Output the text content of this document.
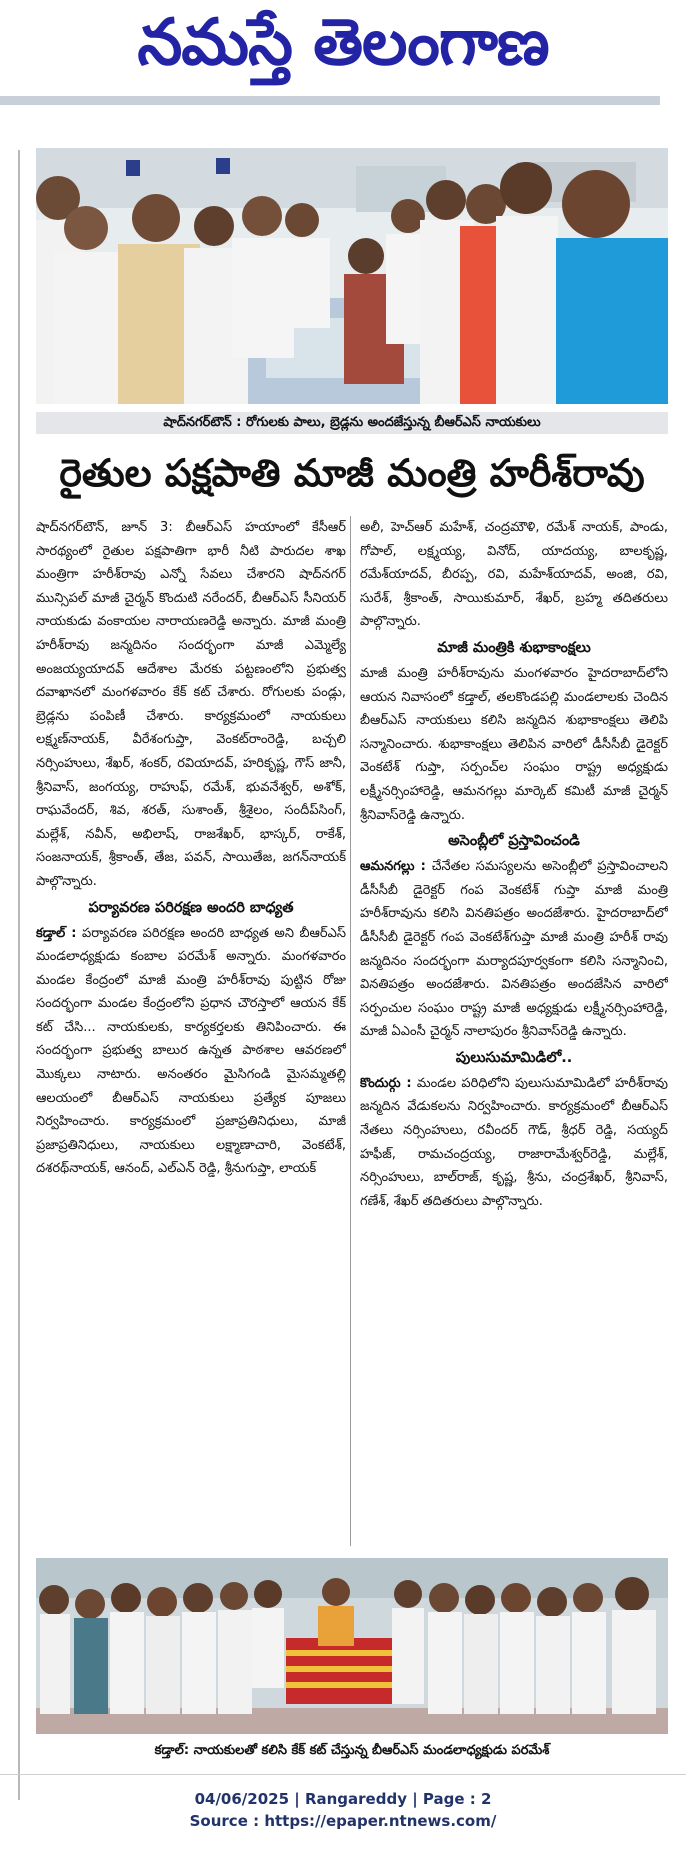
నమస్తే తెలంగాణ
షాద్‌నగర్‌టౌన్ : రోగులకు పాలు, బ్రెడ్లను అందజేస్తున్న బీఆర్‌ఎస్ నాయకులు
రైతుల పక్షపాతి మాజీ మంత్రి హరీశ్‌రావు

షాద్‌నగర్‌టౌన్, జూన్ 3: బీఆర్‌ఎస్ హయాంలో కేసీఆర్ సారథ్యంలో రైతుల పక్షపాతిగా భారీ నీటి పారుదల శాఖ మంత్రిగా హరీశ్‌రావు ఎన్నో సేవలు చేశారని షాద్‌నగర్ మున్సిపల్ మాజీ చైర్మన్ కొందుటి నరేందర్, బీఆర్‌ఎస్ సీనియర్ నాయకుడు వంకాయల నారాయణరెడ్డి అన్నారు. మాజీ మంత్రి హరీశ్‌రావు జన్మదినం సందర్భంగా మాజీ ఎమ్మెల్యే అంజయ్యయాదవ్ ఆదేశాల మేరకు పట్టణంలోని ప్రభుత్వ దవాఖానలో మంగళవారం కేక్ కట్ చేశారు. రోగులకు పండ్లు, బ్రెడ్లను పంపిణీ చేశారు. కార్యక్రమంలో నాయకులు లక్ష్మణ్‌నాయక్, వీరేశంగుప్తా, వెంకట్‌రాంరెడ్డి, బచ్చలి నర్సింహులు, శేఖర్, శంకర్, రవియాదవ్, హరికృష్ణ, గౌస్ జానీ, శ్రీనివాస్, జంగయ్య, రాహుఫ్, రమేశ్, భువనేశ్వర్, అశోక్, రాఘవేందర్, శివ, శరత్, సుశాంత్, శ్రీశైలం, సందీప్‌సింగ్, మల్లేశ్, నవీన్, అభిలాష్, రాజశేఖర్, భాస్కర్, రాకేశ్, సంజనాయక్, శ్రీకాంత్, తేజ, పవన్, సాయితేజ, జగన్‌నాయక్ పాల్గొన్నారు.

పర్యావరణ పరిరక్షణ అందరి బాధ్యత

కడ్తాల్ : పర్యావరణ పరిరక్షణ అందరి బాధ్యత అని బీఆర్‌ఎస్ మండలాధ్యక్షుడు కంబాల పరమేశ్ అన్నారు. మంగళవారం మండల కేంద్రంలో మాజీ మంత్రి హరీశ్‌రావు పుట్టిన రోజు సందర్భంగా మండల కేంద్రంలోని ప్రధాన చౌరస్తాలో ఆయన కేక్ కట్ చేసి... నాయకులకు, కార్యకర్తలకు తినిపించారు. ఈ సందర్భంగా ప్రభుత్వ బాలుర ఉన్నత పాఠశాల ఆవరణలో మొక్కలు నాటారు. అనంతరం మైసిగండి మైసమ్మతల్లి ఆలయంలో బీఆర్‌ఎస్ నాయకులు ప్రత్యేక పూజలు నిర్వహించారు. కార్యక్రమంలో ప్రజాప్రతినిధులు, మాజీ ప్రజాప్రతినిధులు, నాయకులు లక్ష్మాణాచారి, వెంకటేశ్, దశరథ్‌నాయక్, ఆనంద్, ఎల్‌ఎన్ రెడ్డి, శ్రీనుగుప్తా, లాయక్

అలీ, హెచ్‌ఆర్ మహేశ్, చంద్రమౌళి, రమేశ్ నాయక్, పాండు, గోపాల్, లక్ష్మయ్య, వినోద్, యాదయ్య, బాలకృష్ణ, రమేశ్‌యాదవ్, బీరప్ప, రవి, మహేశ్‌యాదవ్, అంజి, రవి, సురేశ్, శ్రీకాంత్, సాయికుమార్, శేఖర్, బ్రహ్మ తదితరులు పాల్గొన్నారు.

మాజీ మంత్రికి శుభాకాంక్షలు

మాజీ మంత్రి హరీశ్‌రావును మంగళవారం హైదరాబాద్‌లోని ఆయన నివాసంలో కడ్తాల్, తలకొండపల్లి మండలాలకు చెందిన బీఆర్‌ఎస్ నాయకులు కలిసి జన్మదిన శుభాకాంక్షలు తెలిపి సన్మానించారు. శుభాకాంక్షలు తెలిపిన వారిలో డీసీసీబీ డైరెక్టర్ వెంకటేశ్ గుప్తా, సర్పంచ్‌ల సంఘం రాష్ట్ర అధ్యక్షుడు లక్ష్మీనర్సింహారెడ్డి, ఆమనగల్లు మార్కెట్ కమిటీ మాజీ చైర్మన్ శ్రీనివాస్‌రెడ్డి ఉన్నారు.

అసెంబ్లీలో ప్రస్తావించండి

ఆమనగల్లు : చేనేతల సమస్యలను అసెంబ్లీలో ప్రస్తావించాలని డీసీసీబీ డైరెక్టర్ గంప వెంకటేశ్ గుప్తా మాజీ మంత్రి హరీశ్‌రావును కలిసి వినతిపత్రం అందజేశారు. హైదరాబాద్‌లో డీసీసీబీ డైరెక్టర్ గంప వెంకటేశ్‌గుప్తా మాజీ మంత్రి హరీశ్ రావు జన్మదినం సందర్భంగా మర్యాదపూర్వకంగా కలిసి సన్మానించి, వినతిపత్రం అందజేశారు. వినతిపత్రం అందజేసిన వారిలో సర్పంచుల సంఘం రాష్ట్ర మాజీ అధ్యక్షుడు లక్ష్మీనర్సింహారెడ్డి, మాజీ ఏఎంసీ చైర్మన్ నాలాపురం శ్రీనివాస్‌రెడ్డి ఉన్నారు.

పులుసుమామిడిలో..

కొందుర్గు : మండల పరిధిలోని పులుసుమామిడిలో హరీశ్‌రావు జన్మదిన వేడుకలను నిర్వహించారు. కార్యక్రమంలో బీఆర్‌ఎస్ నేతలు నర్సింహులు, రవీందర్ గౌడ్, శ్రీధర్ రెడ్డి, సయ్యద్ హఫీజ్, రామచంద్రయ్య, రాజారామేశ్వర్‌రెడ్డి, మల్లేశ్, నర్సింహులు, బాల్‌రాజ్, కృష్ణ, శ్రీను, చంద్రశేఖర్, శ్రీనివాస్, గణేశ్, శేఖర్ తదితరులు పాల్గొన్నారు.

కడ్తాల్: నాయకులతో కలిసి కేక్ కట్ చేస్తున్న బీఆర్‌ఎస్ మండలాధ్యక్షుడు పరమేశ్
04/06/2025 | Rangareddy | Page : 2
Source : https://epaper.ntnews.com/
